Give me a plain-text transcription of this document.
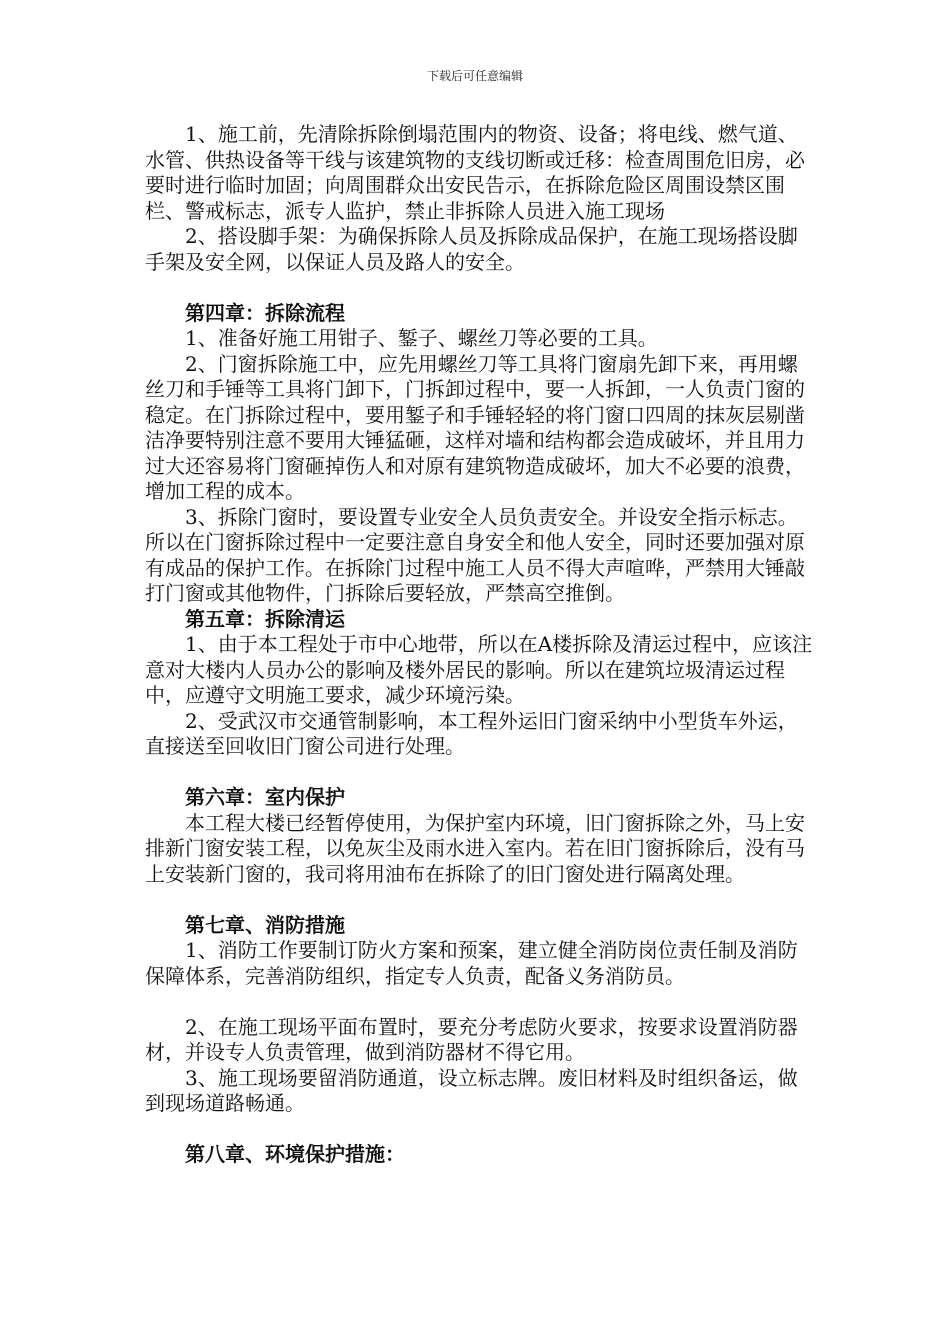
下载后可任意编辑

1、施工前，先清除拆除倒塌范围内的物资、设备；将电线、燃气道、水管、供热设备等干线与该建筑物的支线切断或迁移：检查周围危旧房，必要时进行临时加固；向周围群众出安民告示，在拆除危险区周围设禁区围栏、警戒标志，派专人监护，禁止非拆除人员进入施工现场

2、搭设脚手架：为确保拆除人员及拆除成品保护，在施工现场搭设脚手架及安全网，以保证人员及路人的安全。

第四章：拆除流程

1、准备好施工用钳子、錾子、螺丝刀等必要的工具。

2、门窗拆除施工中，应先用螺丝刀等工具将门窗扇先卸下来，再用螺丝刀和手锤等工具将门卸下，门拆卸过程中，要一人拆卸，一人负责门窗的稳定。在门拆除过程中，要用錾子和手锤轻轻的将门窗口四周的抹灰层剔凿洁净要特别注意不要用大锤猛砸，这样对墙和结构都会造成破坏，并且用力过大还容易将门窗砸掉伤人和对原有建筑物造成破坏，加大不必要的浪费，增加工程的成本。

3、拆除门窗时，要设置专业安全人员负责安全。并设安全指示标志。所以在门窗拆除过程中一定要注意自身安全和他人安全，同时还要加强对原有成品的保护工作。在拆除门过程中施工人员不得大声喧哗，严禁用大锤敲打门窗或其他物件，门拆除后要轻放，严禁高空推倒。

第五章：拆除清运

1、由于本工程处于市中心地带，所以在A楼拆除及清运过程中，应该注意对大楼内人员办公的影响及楼外居民的影响。所以在建筑垃圾清运过程中，应遵守文明施工要求，减少环境污染。

2、受武汉市交通管制影响，本工程外运旧门窗采纳中小型货车外运，直接送至回收旧门窗公司进行处理。

第六章：室内保护

本工程大楼已经暂停使用，为保护室内环境，旧门窗拆除之外，马上安排新门窗安装工程，以免灰尘及雨水进入室内。若在旧门窗拆除后，没有马上安装新门窗的，我司将用油布在拆除了的旧门窗处进行隔离处理。

第七章、消防措施

1、消防工作要制订防火方案和预案，建立健全消防岗位责任制及消防保障体系，完善消防组织，指定专人负责，配备义务消防员。

2、在施工现场平面布置时，要充分考虑防火要求，按要求设置消防器材，并设专人负责管理，做到消防器材不得它用。

3、施工现场要留消防通道，设立标志牌。废旧材料及时组织备运，做到现场道路畅通。

第八章、环境保护措施：
